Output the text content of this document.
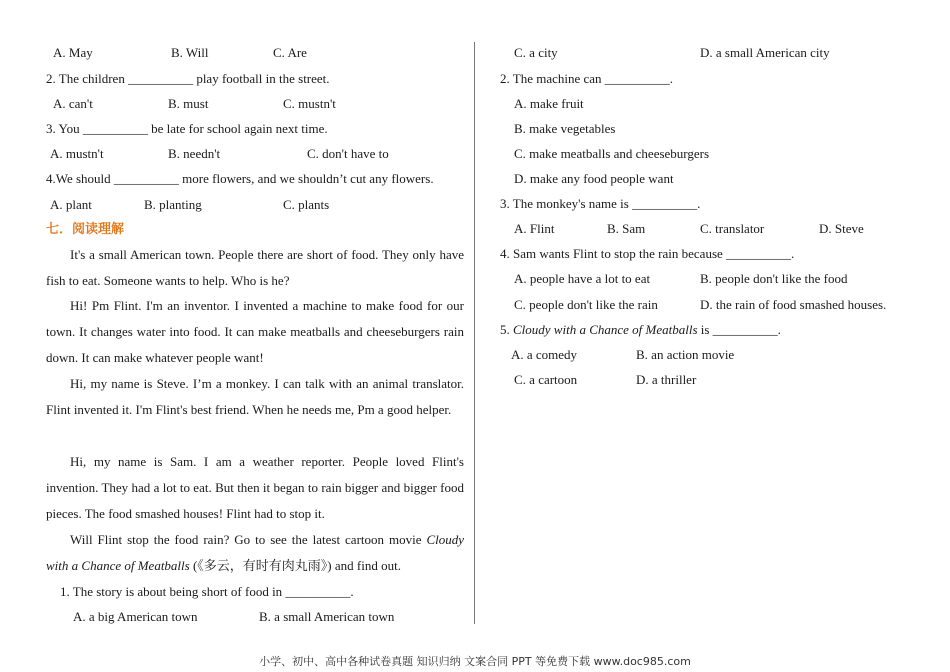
A. May	B. Will	C. Are
2. The children __________ play football in the street.
A. can't	B. must	C. mustn't
3. You __________ be late for school again next time.
A. mustn't	B. needn't	C. don't have to
4.We should __________ more flowers, and we shouldn’t cut any flowers.
A. plant	B. planting	C. plants
七．阅读理解
It's a small American town. People there are short of food. They only have fish to eat. Someone wants to help. Who is he?
Hi! Pm Flint. I'm an inventor. I invented a machine to make food for our town. It changes water into food. It can make meatballs and cheeseburgers rain down. It can make whatever people want!
Hi, my name is Steve. I’m a monkey. I can talk with an animal translator. Flint invented it. I'm Flint's best friend. When he needs me, Pm a good helper.
Hi, my name is Sam. I am a weather reporter. People loved Flint's invention. They had a lot to eat. But then it began to rain bigger and bigger food pieces. The food smashed houses! Flint had to stop it.
Will Flint stop the food rain? Go to see the latest cartoon movie Cloudy with a Chance of Meatballs (《多云，有时有肉丸雨》) and find out.
1. The story is about being short of food in __________.
A. a big American town	B. a small American town
C. a city	D. a small American city
2. The machine can __________.
A. make fruit
B. make vegetables
C. make meatballs and cheeseburgers
D. make any food people want
3. The monkey's name is __________.
A. Flint	B. Sam	C. translator	D. Steve
4. Sam wants Flint to stop the rain because __________.
A. people have a lot to eat	B. people don't like the food
C. people don't like the rain	D. the rain of food smashed houses.
5. Cloudy with a Chance of Meatballs is __________.
A. a comedy	B. an action movie
C. a cartoon	D. a thriller
小学、初中、高中各种试卷真题 知识归纳 文案合同 PPT 等免费下载 www.doc985.com
